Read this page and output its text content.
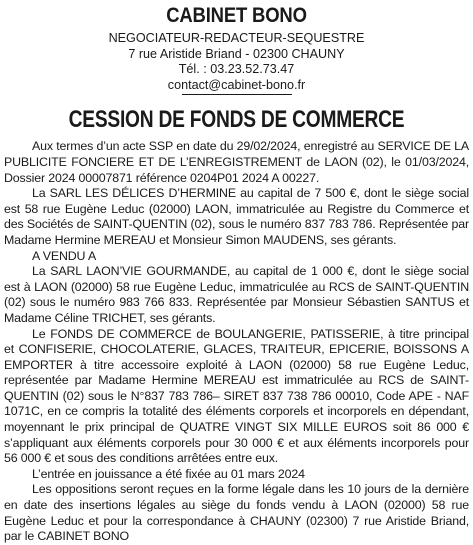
CABINET BONO

NEGOCIATEUR-REDACTEUR-SEQUESTRE

7 rue Aristide Briand - 02300 CHAUNY

Tél. : 03.23.52.73.47

contact@cabinet-bono.fr

CESSION DE FONDS DE COMMERCE

Aux termes d’un acte SSP en date du 29/02/2024, enregistré au SERVICE DE LA PUBLICITE FONCIERE ET DE L’ENREGISTREMENT de LAON (02), le 01/03/2024, Dossier 2024 00007871 référence 0204P01 2024 A 00227.

La SARL LES DÉLICES D’HERMINE au capital de 7 500 €, dont le siège social est 58 rue Eugène Leduc (02000) LAON, immatriculée au Registre du Commerce et des Sociétés de SAINT-QUENTIN (02), sous le numéro 837 783 786. Représentée par Madame Hermine MEREAU et Monsieur Simon MAUDENS, ses gérants.

A VENDU A

La SARL LAON’VIE GOURMANDE, au capital de 1 000 €, dont le siège social est à LAON (02000) 58 rue Eugène Leduc, immatriculée au RCS de SAINT-QUENTIN (02) sous le numéro 983 766 833. Représentée par Monsieur Sébastien SANTUS et Madame Céline TRICHET, ses gérants.

Le FONDS DE COMMERCE de BOULANGERIE, PATISSERIE, à titre principal et CONFISERIE, CHOCOLATERIE, GLACES, TRAITEUR, EPICERIE, BOISSONS A EMPORTER à titre accessoire exploité à LAON (02000) 58 rue Eugène Leduc, représentée par Madame Hermine MEREAU est immatriculée au RCS de SAINT-QUENTIN (02) sous le N°837 783 786– SIRET 837 738 786 00010, Code APE - NAF 1071C, en ce compris la totalité des éléments corporels et incorporels en dépendant, moyennant le prix principal de QUATRE VINGT SIX MILLE EUROS soit 86 000 € s’appliquant aux éléments corporels pour 30 000 € et aux éléments incorporels pour 56 000 € et sous des conditions arrêtées entre eux.

L’entrée en jouissance a été fixée au 01 mars 2024

Les oppositions seront reçues en la forme légale dans les 10 jours de la dernière en date des insertions légales au siège du fonds vendu à LAON (02000) 58 rue Eugène Leduc et pour la correspondance à CHAUNY (02300) 7 rue Aristide Briand, par le CABINET BONO
